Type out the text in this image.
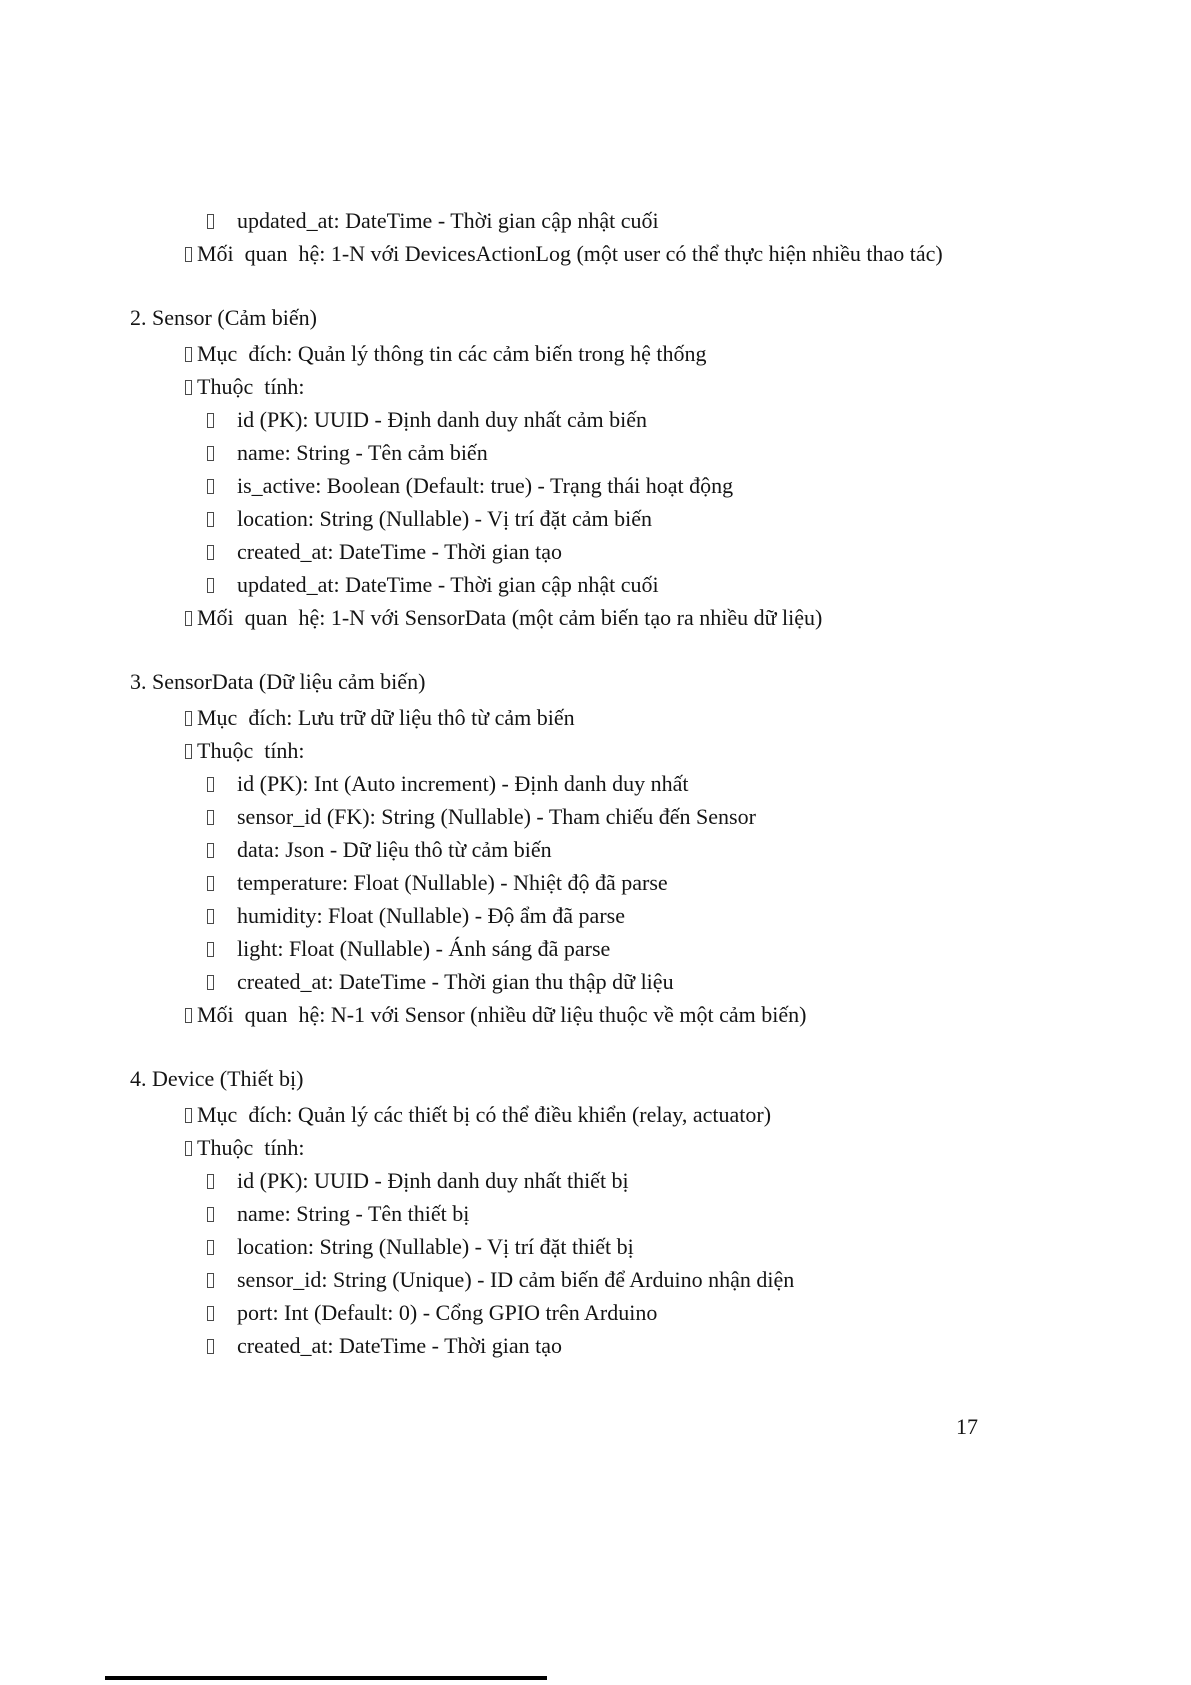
updated_at: DateTime - Thời gian cập nhật cuối
Mối  quan  hệ: 1-N với DevicesActionLog (một user có thể thực hiện nhiều thao tác)
2. Sensor (Cảm biến)
Mục  đích: Quản lý thông tin các cảm biến trong hệ thống
Thuộc  tính:
id (PK): UUID - Định danh duy nhất cảm biến
name: String - Tên cảm biến
is_active: Boolean (Default: true) - Trạng thái hoạt động
location: String (Nullable) - Vị trí đặt cảm biến
created_at: DateTime - Thời gian tạo
updated_at: DateTime - Thời gian cập nhật cuối
Mối  quan  hệ: 1-N với SensorData (một cảm biến tạo ra nhiều dữ liệu)
3. SensorData (Dữ liệu cảm biến)
Mục  đích: Lưu trữ dữ liệu thô từ cảm biến
Thuộc  tính:
id (PK): Int (Auto increment) - Định danh duy nhất
sensor_id (FK): String (Nullable) - Tham chiếu đến Sensor
data: Json - Dữ liệu thô từ cảm biến
temperature: Float (Nullable) - Nhiệt độ đã parse
humidity: Float (Nullable) - Độ ẩm đã parse
light: Float (Nullable) - Ánh sáng đã parse
created_at: DateTime - Thời gian thu thập dữ liệu
Mối  quan  hệ: N-1 với Sensor (nhiều dữ liệu thuộc về một cảm biến)
4. Device (Thiết bị)
Mục  đích: Quản lý các thiết bị có thể điều khiển (relay, actuator)
Thuộc  tính:
id (PK): UUID - Định danh duy nhất thiết bị
name: String - Tên thiết bị
location: String (Nullable) - Vị trí đặt thiết bị
sensor_id: String (Unique) - ID cảm biến để Arduino nhận diện
port: Int (Default: 0) - Cổng GPIO trên Arduino
created_at: DateTime - Thời gian tạo
17
